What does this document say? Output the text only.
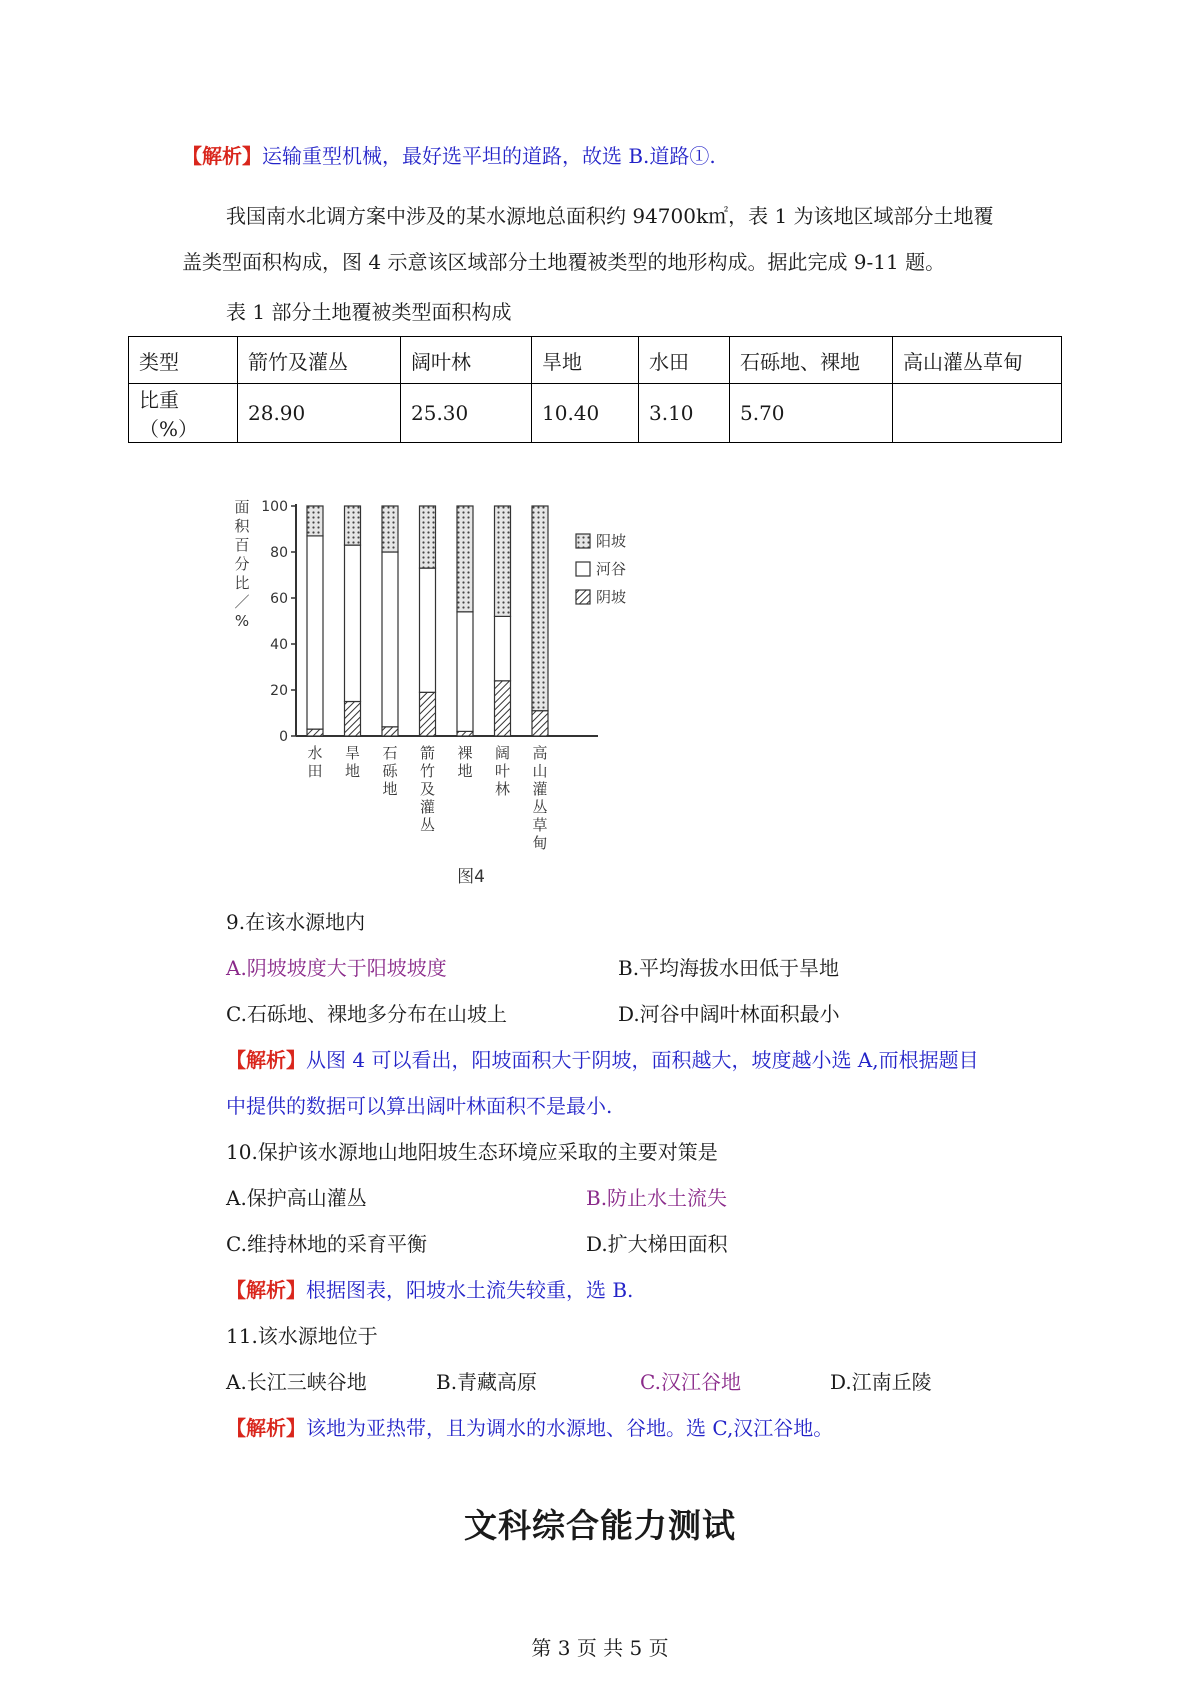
【解析】运输重型机械，最好选平坦的道路，故选 B.道路①.
我国南水北调方案中涉及的某水源地总面积约 94700k㎡，表 1 为该地区域部分土地覆
盖类型面积构成，图 4 示意该区域部分土地覆被类型的地形构成。据此完成 9-11 题。
表 1 部分土地覆被类型面积构成
类型	箭竹及灌丛	阔叶林	旱地	水田	石砾地、裸地	高山灌丛草甸
比重（%）	28.90	25.30	10.40	3.10	5.70	
面
积
百
分
比
／
%
0
20
40
60
80
100
水
田
旱
地
石
砾
地
箭
竹
及
灌
丛
裸
地
阔
叶
林
高
山
灌
丛
草
甸
阳坡
河谷
阴坡
图4
9.在该水源地内
A.阴坡坡度大于阳坡坡度	B.平均海拔水田低于旱地
C.石砾地、裸地多分布在山坡上	D.河谷中阔叶林面积最小
【解析】从图 4 可以看出，阳坡面积大于阴坡，面积越大，坡度越小选 A,而根据题目
中提供的数据可以算出阔叶林面积不是最小.
10.保护该水源地山地阳坡生态环境应采取的主要对策是
A.保护高山灌丛	B.防止水土流失
C.维持林地的采育平衡	D.扩大梯田面积
【解析】根据图表，阳坡水土流失较重，选 B.
11.该水源地位于
A.长江三峡谷地	B.青藏高原	C.汉江谷地	D.江南丘陵
【解析】该地为亚热带，且为调水的水源地、谷地。选 C,汉江谷地。
文科综合能力测试
第 3 页 共 5 页
